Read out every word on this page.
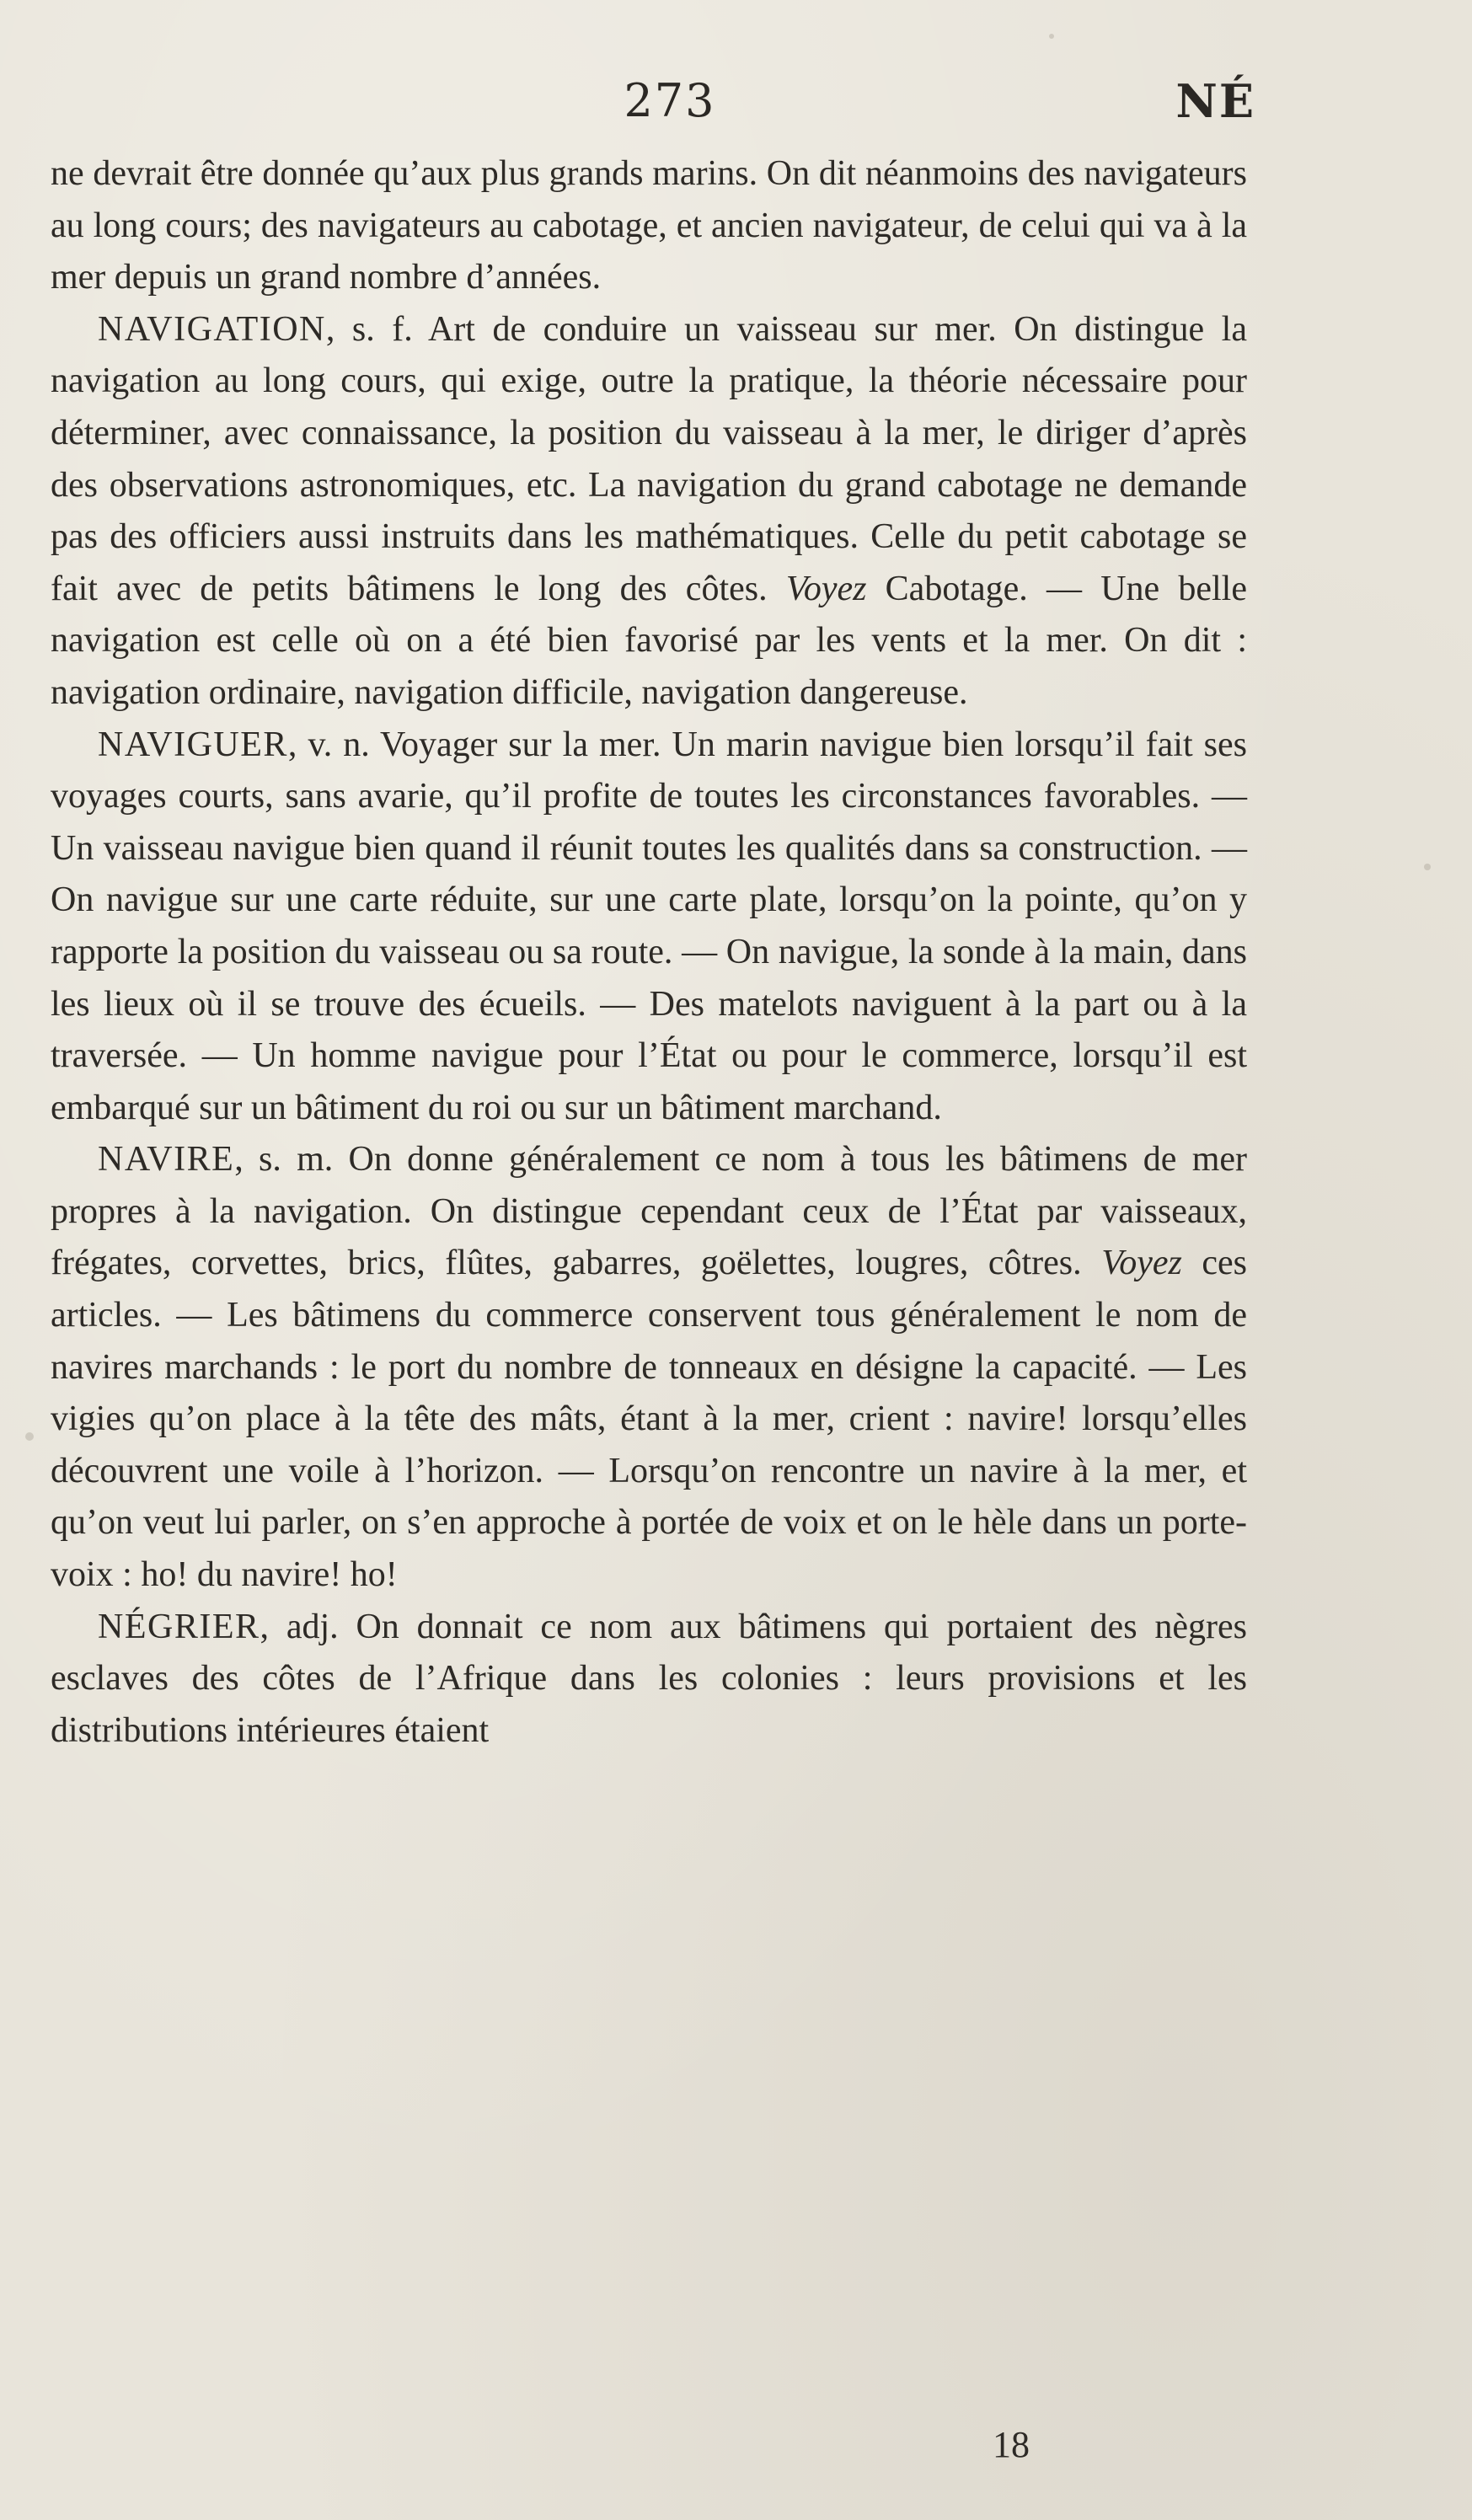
273	NÉ

ne devrait être donnée qu’aux plus grands marins. On dit néanmoins des navigateurs au long cours; des navigateurs au cabotage, et ancien navigateur, de celui qui va à la mer depuis un grand nombre d’années.

NAVIGATION, s. f. Art de conduire un vaisseau sur mer. On distingue la navigation au long cours, qui exige, outre la pratique, la théorie nécessaire pour déterminer, avec connaissance, la position du vaisseau à la mer, le diriger d’après des observations astronomiques, etc. La navigation du grand cabotage ne demande pas des officiers aussi instruits dans les mathématiques. Celle du petit cabotage se fait avec de petits bâtimens le long des côtes. Voyez Cabotage. — Une belle navigation est celle où on a été bien favorisé par les vents et la mer. On dit : navigation ordinaire, navigation difficile, navigation dangereuse.

NAVIGUER, v. n. Voyager sur la mer. Un marin navigue bien lorsqu’il fait ses voyages courts, sans avarie, qu’il profite de toutes les circonstances favorables. — Un vaisseau navigue bien quand il réunit toutes les qualités dans sa construction. — On navigue sur une carte réduite, sur une carte plate, lorsqu’on la pointe, qu’on y rapporte la position du vaisseau ou sa route. — On navigue, la sonde à la main, dans les lieux où il se trouve des écueils. — Des matelots naviguent à la part ou à la traversée. — Un homme navigue pour l’État ou pour le commerce, lorsqu’il est embarqué sur un bâtiment du roi ou sur un bâtiment marchand.

NAVIRE, s. m. On donne généralement ce nom à tous les bâtimens de mer propres à la navigation. On distingue cependant ceux de l’État par vaisseaux, frégates, corvettes, brics, flûtes, gabarres, goëlettes, lougres, côtres. Voyez ces articles. — Les bâtimens du commerce conservent tous généralement le nom de navires marchands : le port du nombre de tonneaux en désigne la capacité. — Les vigies qu’on place à la tête des mâts, étant à la mer, crient : navire! lorsqu’elles découvrent une voile à l’horizon. — Lorsqu’on rencontre un navire à la mer, et qu’on veut lui parler, on s’en approche à portée de voix et on le hèle dans un porte-voix : ho! du navire! ho!

NÉGRIER, adj. On donnait ce nom aux bâtimens qui portaient des nègres esclaves des côtes de l’Afrique dans les colonies : leurs provisions et les distributions intérieures étaient

18
